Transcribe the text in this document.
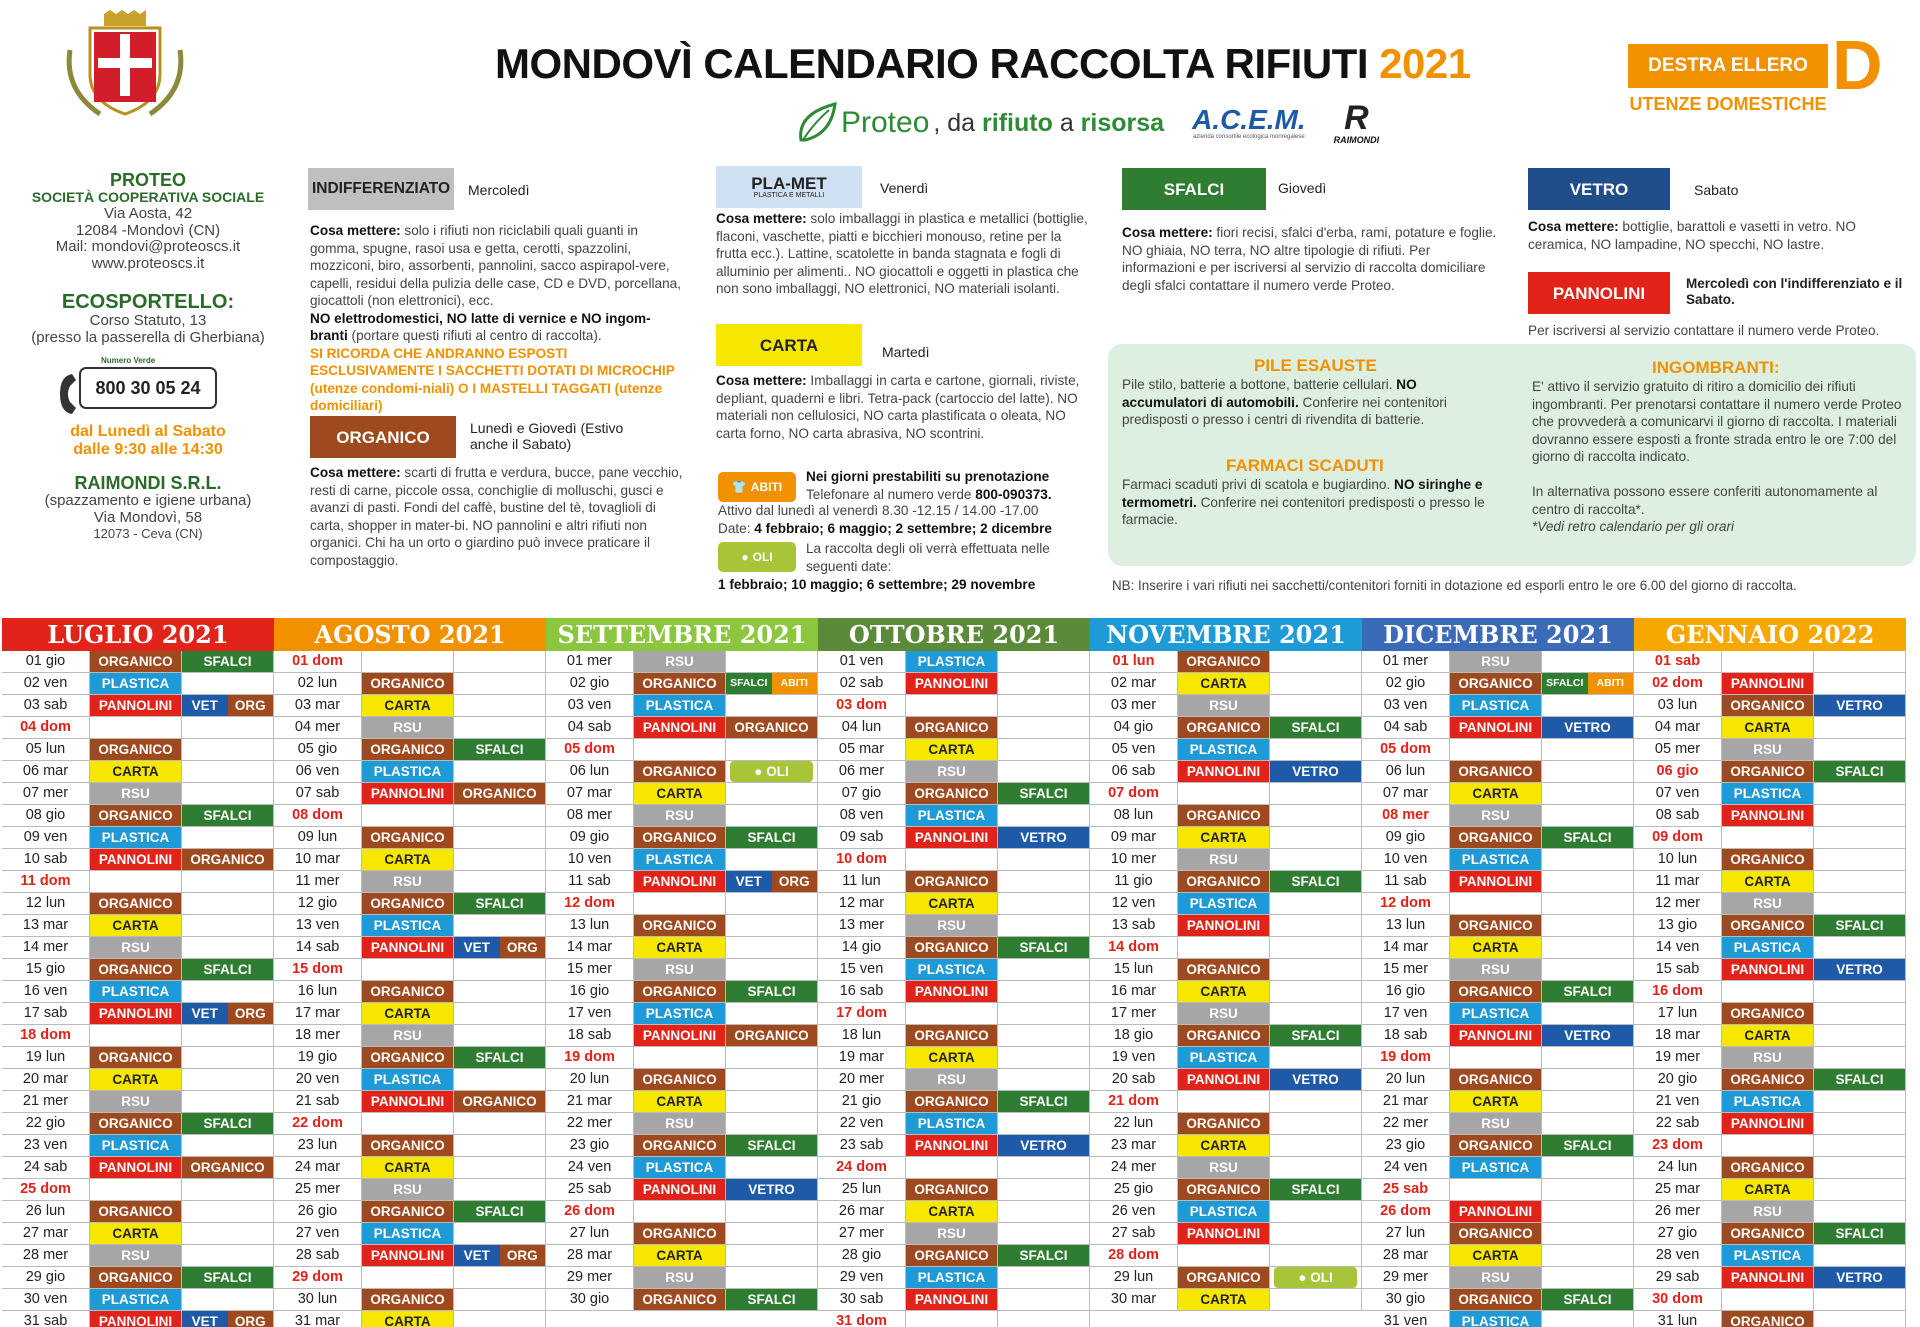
MONDOVÌ CALENDARIO RACCOLTA RIFIUTI 2021
Proteo , da rifiuto a risorsa A.C.E.M.
azienda consortile ecologica monregalese	R
RAIMONDI
DESTRA ELLERO D
UTENZE DOMESTICHE
PROTEO
SOCIETÀ COOPERATIVA SOCIALE
Via Aosta, 42
12084 -Mondovì (CN)
Mail: mondovi@proteoscs.it
www.proteoscs.it
ECOSPORTELLO:
Corso Statuto, 13
(presso la passerella di Gherbiana)
Numero Verde
800 30 05 24
dal Lunedì al Sabato
dalle 9:30 alle 14:30
RAIMONDI S.R.L.
(spazzamento e igiene urbana)
Via Mondovì, 58
12073 - Ceva (CN)
INDIFFERENZIATO Mercoledì
Cosa mettere: solo i rifiuti non riciclabili quali guanti in gomma, spugne, rasoi usa e getta, cerotti, spazzolini, mozziconi, biro, assorbenti, pannolini, sacco aspirapol-vere, capelli, residui della pulizia delle case, CD e DVD, porcellana, giocattoli (non elettronici), ecc.
NO elettrodomestici, NO latte di vernice e NO ingom-branti (portare questi rifiuti al centro di raccolta).
SI RICORDA CHE ANDRANNO ESPOSTI ESCLUSIVAMENTE I SACCHETTI DOTATI DI MICROCHIP (utenze condomi-niali) O I MASTELLI TAGGATI (utenze domiciliari)
ORGANICO	Lunedì e Giovedì (Estivo anche il Sabato)
Cosa mettere: scarti di frutta e verdura, bucce, pane vecchio, resti di carne, piccole ossa, conchiglie di molluschi, gusci e avanzi di pasti. Fondi del caffè, bustine del tè, tovaglioli di carta, shopper in mater-bi. NO pannolini e altri rifiuti non organici. Chi ha un orto o giardino può invece praticare il compostaggio.
PLA-MET
PLASTICA E METALLI	Venerdì
Cosa mettere: solo imballaggi in plastica e metallici (bottiglie, flaconi, vaschette, piatti e bicchieri monouso, retine per la frutta ecc.). Lattine, scatolette in banda stagnata e fogli di alluminio per alimenti.. NO giocattoli e oggetti in plastica che non sono imballaggi, NO elettronici, NO materiali isolanti.
CARTA	Martedì
Cosa mettere: Imballaggi in carta e cartone, giornali, riviste, depliant, quaderni e libri. Tetra-pack (cartoccio del latte). NO materiali non cellulosici, NO carta plastificata o oleata, NO carta forno, NO carta abrasiva, NO scontrini.
👕 ABITI
Nei giorni prestabiliti su prenotazione
Telefonare al numero verde 800-090373.
Attivo dal lunedì al venerdì 8.30 -12.15 / 14.00 -17.00
Date: 4 febbraio; 6 maggio; 2 settembre; 2 dicembre
● OLI
La raccolta degli oli verrà effettuata nelle seguenti date:
1 febbraio; 10 maggio; 6 settembre; 29 novembre
SFALCI	Giovedì
Cosa mettere: fiori recisi, sfalci d'erba, rami, potature e foglie. NO ghiaia, NO terra, NO altre tipologie di rifiuti. Per informazioni e per iscriversi al servizio di raccolta domiciliare degli sfalci contattare il numero verde Proteo.
VETRO	Sabato
Cosa mettere: bottiglie, barattoli e vasetti in vetro. NO ceramica, NO lampadine, NO specchi, NO lastre.
PANNOLINI	Mercoledì con l'indifferenziato e il Sabato.
Per iscriversi al servizio contattare il numero verde Proteo.
PILE ESAUSTE
Pile stilo, batterie a bottone, batterie cellulari. NO accumulatori di automobili. Conferire nei contenitori predisposti o presso i centri di rivendita di batterie.
FARMACI SCADUTI
Farmaci scaduti privi di scatola e bugiardino. NO siringhe e termometri. Conferire nei contenitori predisposti o presso le farmacie.
INGOMBRANTI:
E' attivo il servizio gratuito di ritiro a domicilio dei rifiuti ingombranti. Per prenotarsi contattare il numero verde Proteo che provvederà a comunicarvi il giorno di raccolta. I materiali dovranno essere esposti a fronte strada entro le ore 7:00 del giorno di raccolta indicato.

In alternativa possono essere conferiti autonomamente al centro di raccolta*.
*Vedi retro calendario per gli orari
NB: Inserire i vari rifiuti nei sacchetti/contenitori forniti in dotazione ed esporli entro le ore 6.00 del giorno di raccolta.
LUGLIO 2021
01 gio	ORGANICO	SFALCI
02 ven	PLASTICA
03 sab	PANNOLINI	VET	ORG
04 dom
05 lun	ORGANICO
06 mar	CARTA
07 mer	RSU
08 gio	ORGANICO	SFALCI
09 ven	PLASTICA
10 sab	PANNOLINI	ORGANICO
11 dom
12 lun	ORGANICO
13 mar	CARTA
14 mer	RSU
15 gio	ORGANICO	SFALCI
16 ven	PLASTICA
17 sab	PANNOLINI	VET	ORG
18 dom
19 lun	ORGANICO
20 mar	CARTA
21 mer	RSU
22 gio	ORGANICO	SFALCI
23 ven	PLASTICA
24 sab	PANNOLINI	ORGANICO
25 dom
26 lun	ORGANICO
27 mar	CARTA
28 mer	RSU
29 gio	ORGANICO	SFALCI
30 ven	PLASTICA
31 sab	PANNOLINI	VET	ORG
AGOSTO 2021
01 dom
02 lun	ORGANICO
03 mar	CARTA
04 mer	RSU
05 gio	ORGANICO	SFALCI
06 ven	PLASTICA
07 sab	PANNOLINI	ORGANICO
08 dom
09 lun	ORGANICO
10 mar	CARTA
11 mer	RSU
12 gio	ORGANICO	SFALCI
13 ven	PLASTICA
14 sab	PANNOLINI	VET	ORG
15 dom
16 lun	ORGANICO
17 mar	CARTA
18 mer	RSU
19 gio	ORGANICO	SFALCI
20 ven	PLASTICA
21 sab	PANNOLINI	ORGANICO
22 dom
23 lun	ORGANICO
24 mar	CARTA
25 mer	RSU
26 gio	ORGANICO	SFALCI
27 ven	PLASTICA
28 sab	PANNOLINI	VET	ORG
29 dom
30 lun	ORGANICO
31 mar	CARTA
SETTEMBRE 2021
01 mer	RSU
02 gio	ORGANICO	SFALCI	ABITI
03 ven	PLASTICA
04 sab	PANNOLINI	ORGANICO
05 dom
06 lun	ORGANICO	● OLI
07 mar	CARTA
08 mer	RSU
09 gio	ORGANICO	SFALCI
10 ven	PLASTICA
11 sab	PANNOLINI	VET	ORG
12 dom
13 lun	ORGANICO
14 mar	CARTA
15 mer	RSU
16 gio	ORGANICO	SFALCI
17 ven	PLASTICA
18 sab	PANNOLINI	ORGANICO
19 dom
20 lun	ORGANICO
21 mar	CARTA
22 mer	RSU
23 gio	ORGANICO	SFALCI
24 ven	PLASTICA
25 sab	PANNOLINI	VETRO
26 dom
27 lun	ORGANICO
28 mar	CARTA
29 mer	RSU
30 gio	ORGANICO	SFALCI
OTTOBRE 2021
01 ven	PLASTICA
02 sab	PANNOLINI
03 dom
04 lun	ORGANICO
05 mar	CARTA
06 mer	RSU
07 gio	ORGANICO	SFALCI
08 ven	PLASTICA
09 sab	PANNOLINI	VETRO
10 dom
11 lun	ORGANICO
12 mar	CARTA
13 mer	RSU
14 gio	ORGANICO	SFALCI
15 ven	PLASTICA
16 sab	PANNOLINI
17 dom
18 lun	ORGANICO
19 mar	CARTA
20 mer	RSU
21 gio	ORGANICO	SFALCI
22 ven	PLASTICA
23 sab	PANNOLINI	VETRO
24 dom
25 lun	ORGANICO
26 mar	CARTA
27 mer	RSU
28 gio	ORGANICO	SFALCI
29 ven	PLASTICA
30 sab	PANNOLINI
31 dom
NOVEMBRE 2021
01 lun	ORGANICO
02 mar	CARTA
03 mer	RSU
04 gio	ORGANICO	SFALCI
05 ven	PLASTICA
06 sab	PANNOLINI	VETRO
07 dom
08 lun	ORGANICO
09 mar	CARTA
10 mer	RSU
11 gio	ORGANICO	SFALCI
12 ven	PLASTICA
13 sab	PANNOLINI
14 dom
15 lun	ORGANICO
16 mar	CARTA
17 mer	RSU
18 gio	ORGANICO	SFALCI
19 ven	PLASTICA
20 sab	PANNOLINI	VETRO
21 dom
22 lun	ORGANICO
23 mar	CARTA
24 mer	RSU
25 gio	ORGANICO	SFALCI
26 ven	PLASTICA
27 sab	PANNOLINI
28 dom
29 lun	ORGANICO	● OLI
30 mar	CARTA
DICEMBRE 2021
01 mer	RSU
02 gio	ORGANICO	SFALCI	ABITI
03 ven	PLASTICA
04 sab	PANNOLINI	VETRO
05 dom
06 lun	ORGANICO
07 mar	CARTA
08 mer	RSU
09 gio	ORGANICO	SFALCI
10 ven	PLASTICA
11 sab	PANNOLINI
12 dom
13 lun	ORGANICO
14 mar	CARTA
15 mer	RSU
16 gio	ORGANICO	SFALCI
17 ven	PLASTICA
18 sab	PANNOLINI	VETRO
19 dom
20 lun	ORGANICO
21 mar	CARTA
22 mer	RSU
23 gio	ORGANICO	SFALCI
24 ven	PLASTICA
25 sab
26 dom	PANNOLINI
27 lun	ORGANICO
28 mar	CARTA
29 mer	RSU
30 gio	ORGANICO	SFALCI
31 ven	PLASTICA
GENNAIO 2022
01 sab
02 dom	PANNOLINI
03 lun	ORGANICO	VETRO
04 mar	CARTA
05 mer	RSU
06 gio	ORGANICO	SFALCI
07 ven	PLASTICA
08 sab	PANNOLINI
09 dom
10 lun	ORGANICO
11 mar	CARTA
12 mer	RSU
13 gio	ORGANICO	SFALCI
14 ven	PLASTICA
15 sab	PANNOLINI	VETRO
16 dom
17 lun	ORGANICO
18 mar	CARTA
19 mer	RSU
20 gio	ORGANICO	SFALCI
21 ven	PLASTICA
22 sab	PANNOLINI
23 dom
24 lun	ORGANICO
25 mar	CARTA
26 mer	RSU
27 gio	ORGANICO	SFALCI
28 ven	PLASTICA
29 sab	PANNOLINI	VETRO
30 dom
31 lun	ORGANICO
